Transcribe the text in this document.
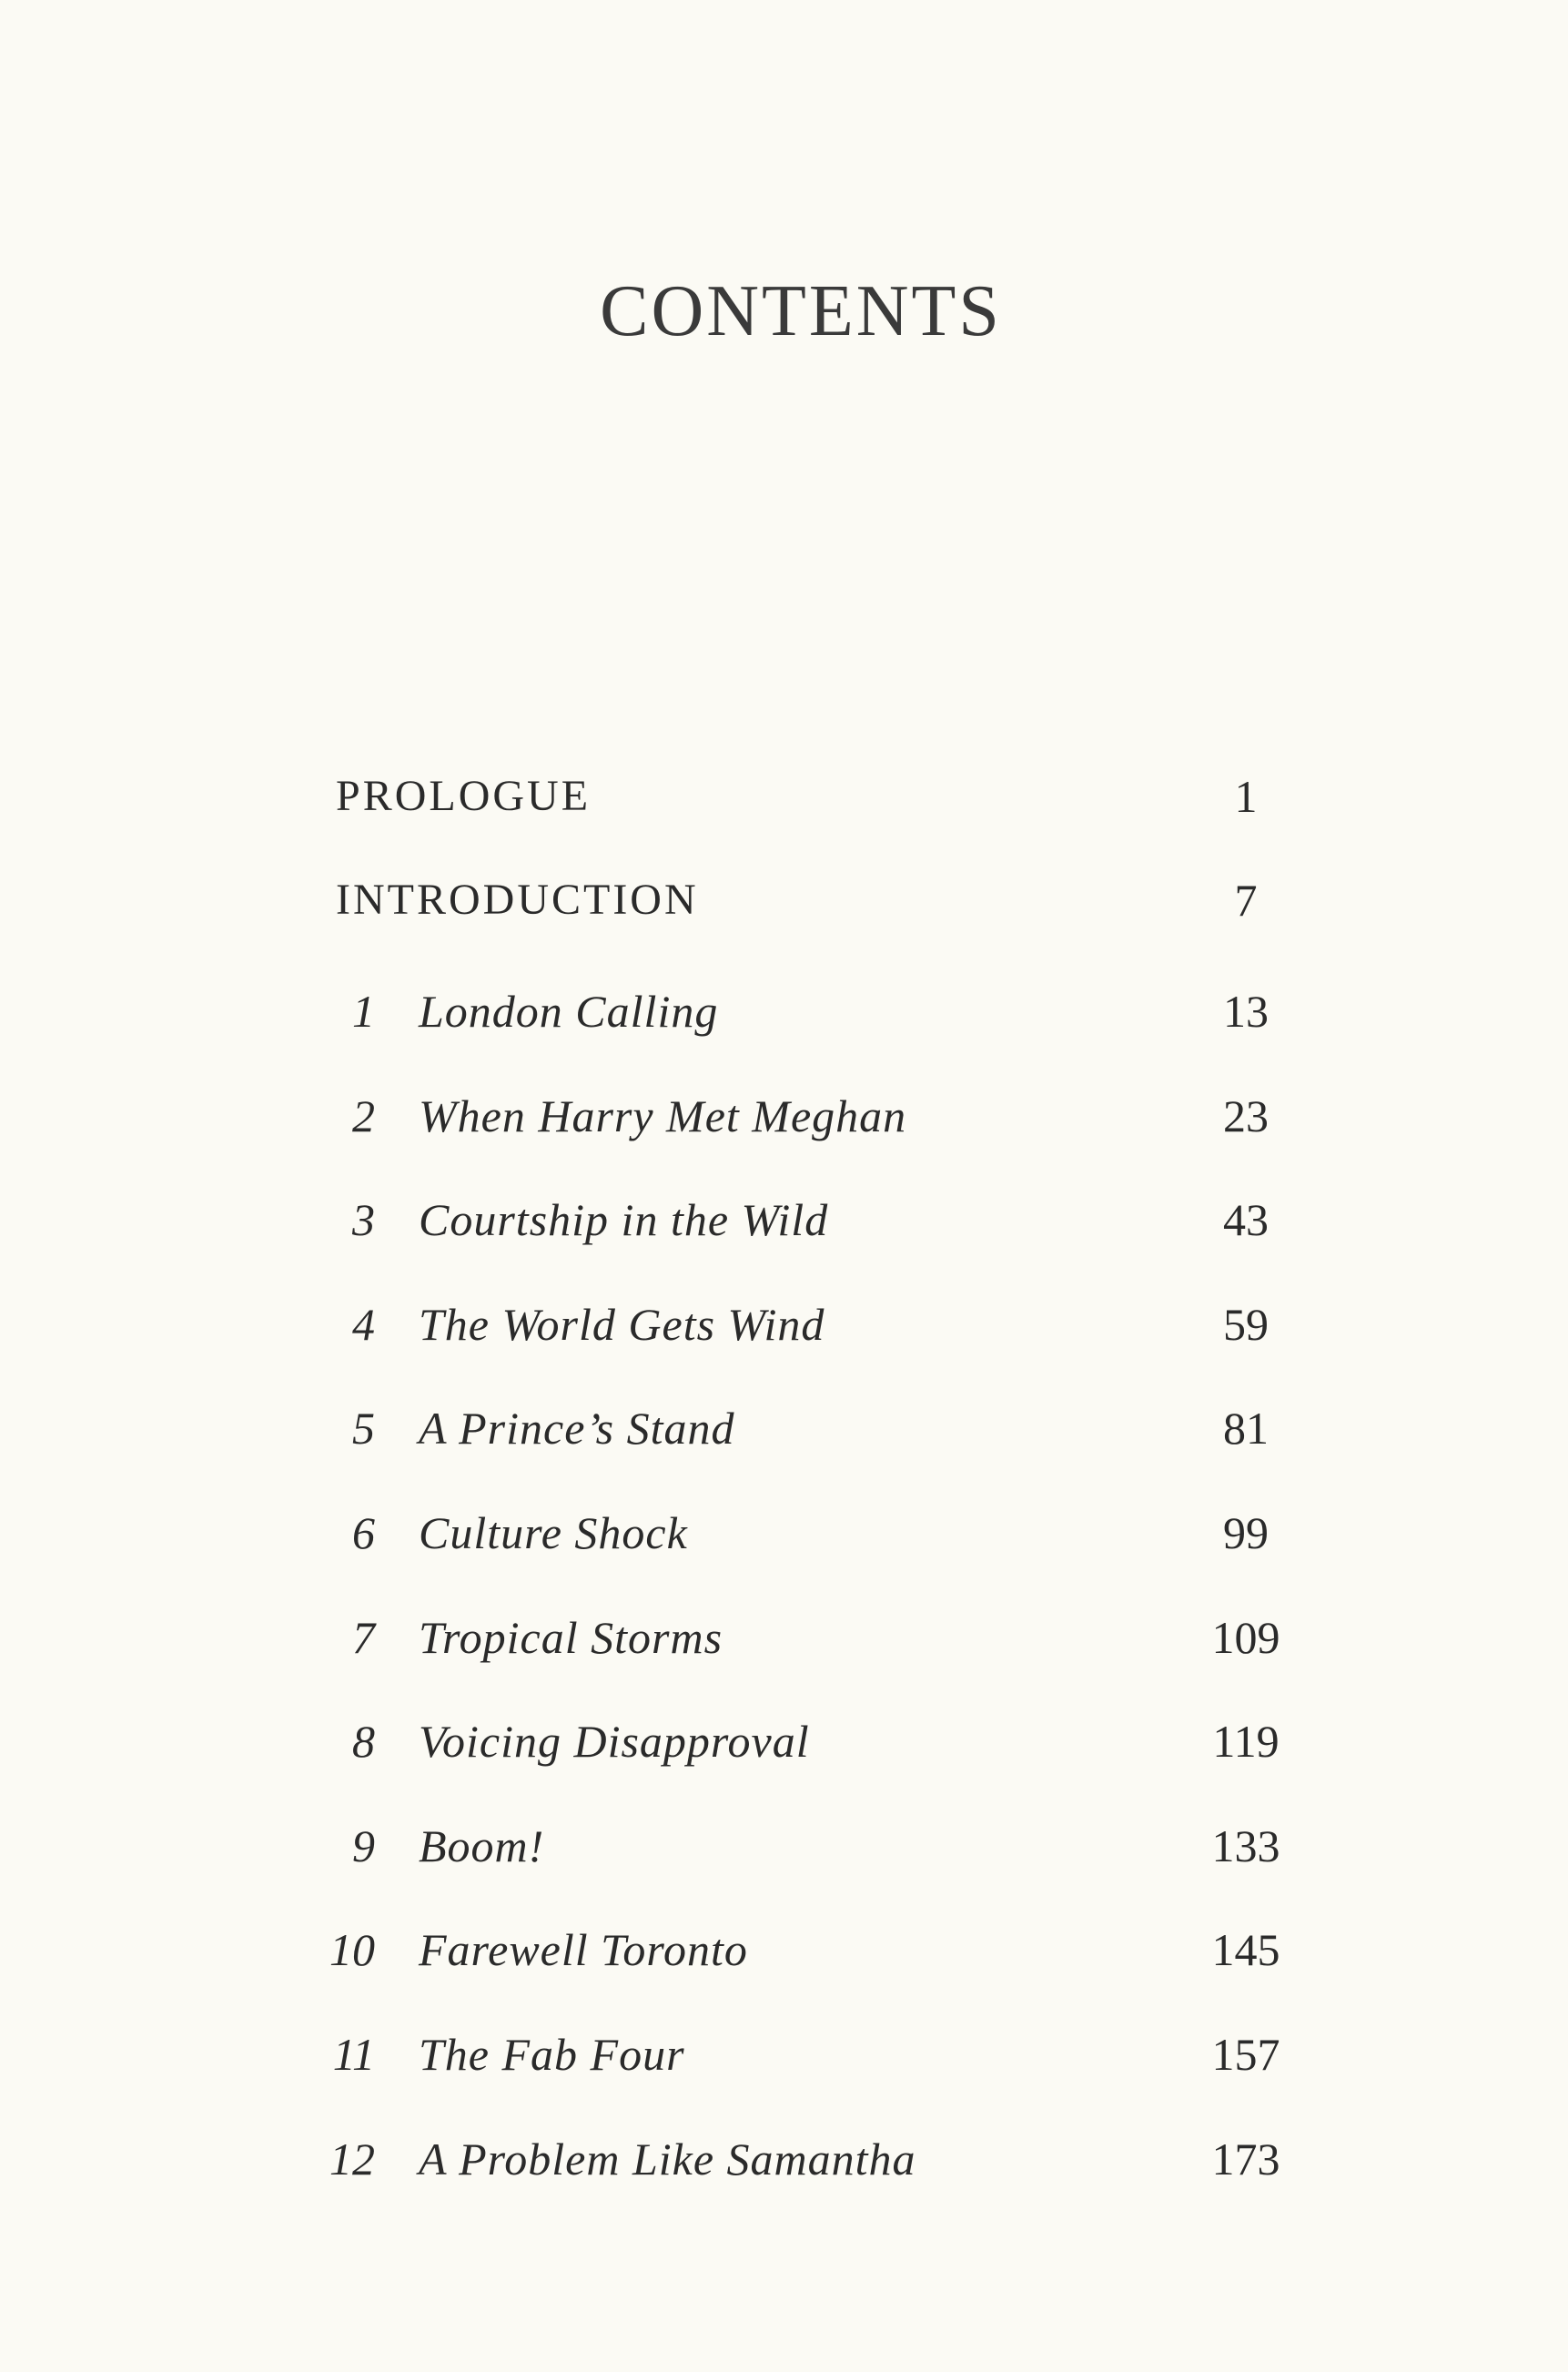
CONTENTS
PROLOGUE	1
INTRODUCTION	7
1 London Calling	13
2 When Harry Met Meghan	23
3 Courtship in the Wild	43
4 The World Gets Wind	59
5 A Prince’s Stand	81
6 Culture Shock	99
7 Tropical Storms	109
8 Voicing Disapproval	119
9 Boom!	133
10 Farewell Toronto	145
11 The Fab Four	157
12 A Problem Like Samantha	173
